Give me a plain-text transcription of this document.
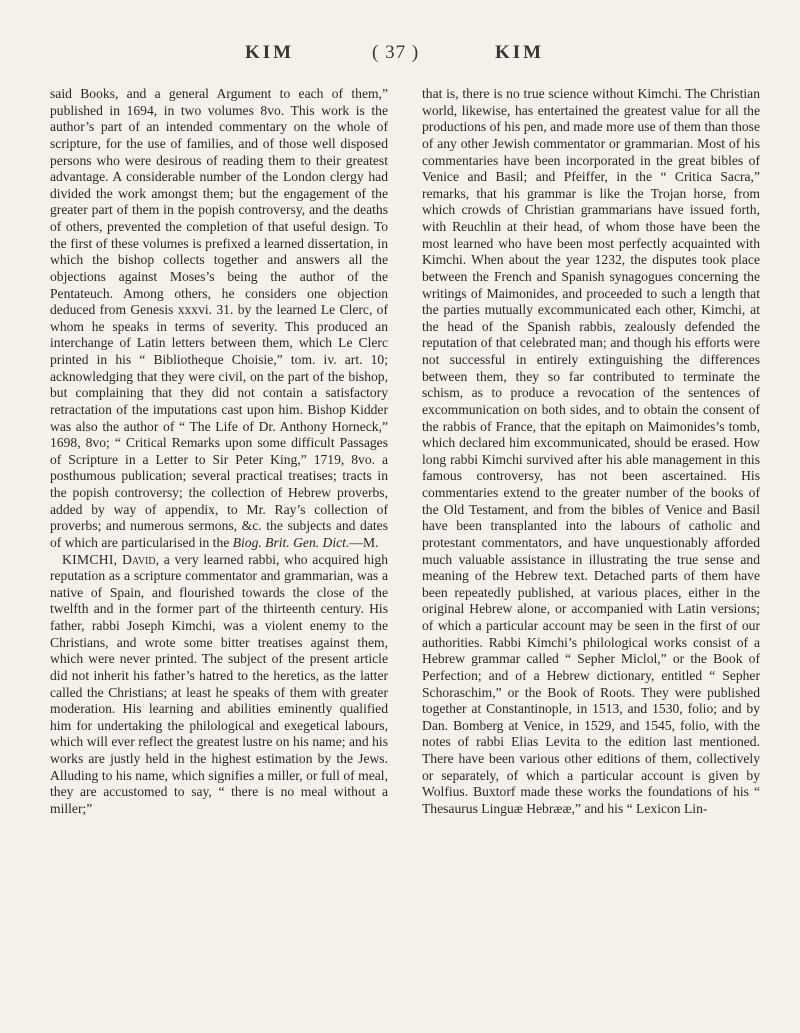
KIM	( 37 )	KIM

said Books, and a general Argument to each of them,” published in 1694, in two volumes 8vo. This work is the author’s part of an intended commentary on the whole of scripture, for the use of families, and of those well disposed persons who were desirous of reading them to their greatest advantage. A considerable number of the London clergy had divided the work amongst them; but the engagement of the greater part of them in the popish controversy, and the deaths of others, prevented the completion of that useful design. To the first of these volumes is prefixed a learned dissertation, in which the bishop collects together and answers all the objections against Moses’s being the author of the Pentateuch. Among others, he considers one objection deduced from Genesis xxxvi. 31. by the learned Le Clerc, of whom he speaks in terms of severity. This produced an interchange of Latin letters between them, which Le Clerc printed in his “ Bibliotheque Choisie,” tom. iv. art. 10; acknowledging that they were civil, on the part of the bishop, but complaining that they did not contain a satisfactory retractation of the imputations cast upon him. Bishop Kidder was also the author of “ The Life of Dr. Anthony Horneck,” 1698, 8vo; “ Critical Remarks upon some difficult Passages of Scripture in a Letter to Sir Peter King,” 1719, 8vo. a posthumous publication; several practical treatises; tracts in the popish controversy; the collection of Hebrew proverbs, added by way of appendix, to Mr. Ray’s collection of proverbs; and numerous sermons, &c. the subjects and dates of which are particularised in the Biog. Brit. Gen. Dict.—M.

KIMCHI, David, a very learned rabbi, who acquired high reputation as a scripture commentator and grammarian, was a native of Spain, and flourished towards the close of the twelfth and in the former part of the thirteenth century. His father, rabbi Joseph Kimchi, was a violent enemy to the Christians, and wrote some bitter treatises against them, which were never printed. The subject of the present article did not inherit his father’s hatred to the heretics, as the latter called the Christians; at least he speaks of them with greater moderation. His learning and abilities eminently qualified him for undertaking the philological and exegetical labours, which will ever reflect the greatest lustre on his name; and his works are justly held in the highest estimation by the Jews. Alluding to his name, which signifies a miller, or full of meal, they are accustomed to say, “ there is no meal without a miller;”

that is, there is no true science without Kimchi. The Christian world, likewise, has entertained the greatest value for all the productions of his pen, and made more use of them than those of any other Jewish commentator or grammarian. Most of his commentaries have been incorporated in the great bibles of Venice and Basil; and Pfeiffer, in the “ Critica Sacra,” remarks, that his grammar is like the Trojan horse, from which crowds of Christian grammarians have issued forth, with Reuchlin at their head, of whom those have been the most learned who have been most perfectly acquainted with Kimchi. When about the year 1232, the disputes took place between the French and Spanish synagogues concerning the writings of Maimonides, and proceeded to such a length that the parties mutually excommunicated each other, Kimchi, at the head of the Spanish rabbis, zealously defended the reputation of that celebrated man; and though his efforts were not successful in entirely extinguishing the differences between them, they so far contributed to terminate the schism, as to produce a revocation of the sentences of excommunication on both sides, and to obtain the consent of the rabbis of France, that the epitaph on Maimonides’s tomb, which declared him excommunicated, should be erased. How long rabbi Kimchi survived after his able management in this famous controversy, has not been ascertained. His commentaries extend to the greater number of the books of the Old Testament, and from the bibles of Venice and Basil have been transplanted into the labours of catholic and protestant commentators, and have unquestionably afforded much valuable assistance in illustrating the true sense and meaning of the Hebrew text. Detached parts of them have been repeatedly published, at various places, either in the original Hebrew alone, or accompanied with Latin versions; of which a particular account may be seen in the first of our authorities. Rabbi Kimchi’s philological works consist of a Hebrew grammar called “ Sepher Miclol,” or the Book of Perfection; and of a Hebrew dictionary, entitled “ Sepher Schoraschim,” or the Book of Roots. They were published together at Constantinople, in 1513, and 1530, folio; and by Dan. Bomberg at Venice, in 1529, and 1545, folio, with the notes of rabbi Elias Levita to the edition last mentioned. There have been various other editions of them, collectively or separately, of which a particular account is given by Wolfius. Buxtorf made these works the foundations of his “ Thesaurus Linguæ Hebrææ,” and his “ Lexicon Lin-
